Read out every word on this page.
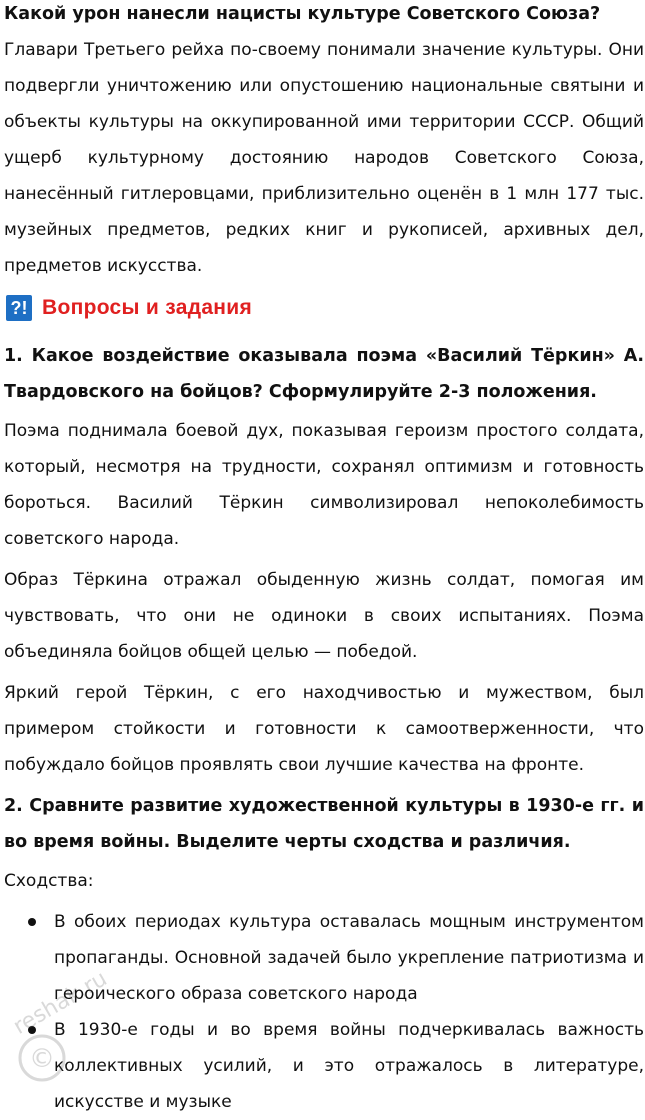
Какой урон нанесли нацисты культуре Советского Союза?

Главари Третьего рейха по-своему понимали значение культуры. Они подвергли уничтожению или опустошению национальные святыни и объекты культуры на оккупированной ими территории СССР. Общий ущерб культурному достоянию народов Советского Союза, нанесённый гитлеровцами, приблизительно оценён в 1 млн 177 тыс. музейных предметов, редких книг и рукописей, архивных дел, предметов искусства.

?! Вопросы и задания
1. Какое воздействие оказывала поэма «Василий Тёркин» А. Твардовского на бойцов? Сформулируйте 2-3 положения.

Поэма поднимала боевой дух, показывая героизм простого солдата, который, несмотря на трудности, сохранял оптимизм и готовность бороться. Василий Тёркин символизировал непоколебимость советского народа.

Образ Тёркина отражал обыденную жизнь солдат, помогая им чувствовать, что они не одиноки в своих испытаниях. Поэма объединяла бойцов общей целью — победой.

Яркий герой Тёркин, с его находчивостью и мужеством, был примером стойкости и готовности к самоотверженности, что побуждало бойцов проявлять свои лучшие качества на фронте.

2. Сравните развитие художественной культуры в 1930-е гг. и во время войны. Выделите черты сходства и различия.

Сходства:

В обоих периодах культура оставалась мощным инструментом пропаганды. Основной задачей было укрепление патриотизма и героического образа советского народа
В 1930-е годы и во время войны подчеркивалась важность коллективных усилий, и это отражалось в литературе, искусстве и музыке
©
reshak.ru
